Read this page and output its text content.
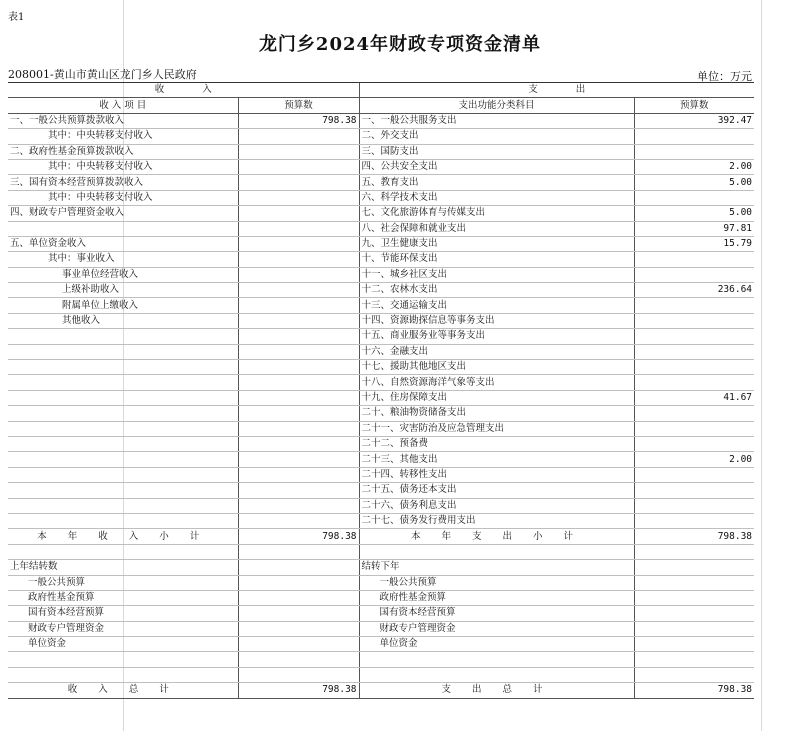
表1
龙门乡2024年财政专项资金清单
208001-黄山市黄山区龙门乡人民政府	单位：万元
收　　　　入		支　　　　出	
收 入 项 目	预算数	支出功能分类科目	预算数
一、一般公共预算拨款收入	798.38	一、一般公共服务支出	392.47
其中：中央转移支付收入		二、外交支出	
二、政府性基金预算拨款收入		三、国防支出	
其中：中央转移支付收入		四、公共安全支出	2.00
三、国有资本经营预算拨款收入		五、教育支出	5.00
其中：中央转移支付收入		六、科学技术支出	
四、财政专户管理资金收入		七、文化旅游体育与传媒支出	5.00
		八、社会保障和就业支出	97.81
五、单位资金收入		九、卫生健康支出	15.79
其中：事业收入		十、节能环保支出	
事业单位经营收入		十一、城乡社区支出	
上级补助收入		十二、农林水支出	236.64
附属单位上缴收入		十三、交通运输支出	
其他收入		十四、资源勘探信息等事务支出	
		十五、商业服务业等事务支出	
		十六、金融支出	
		十七、援助其他地区支出	
		十八、自然资源海洋气象等支出	
		十九、住房保障支出	41.67
		二十、粮油物资储备支出	
		二十一、灾害防治及应急管理支出	
		二十二、预备费	
		二十三、其他支出	2.00
		二十四、转移性支出	
		二十五、债务还本支出	
		二十六、债务利息支出	
		二十七、债务发行费用支出	
本 年 收 入 小 计	798.38	本 年 支 出 小 计	798.38

上年结转数		结转下年	
一般公共预算		一般公共预算	
政府性基金预算		政府性基金预算	
国有资本经营预算		国有资本经营预算	
财政专户管理资金		财政专户管理资金	
单位资金		单位资金	

收 入 总 计	798.38	支 出 总 计	798.38
